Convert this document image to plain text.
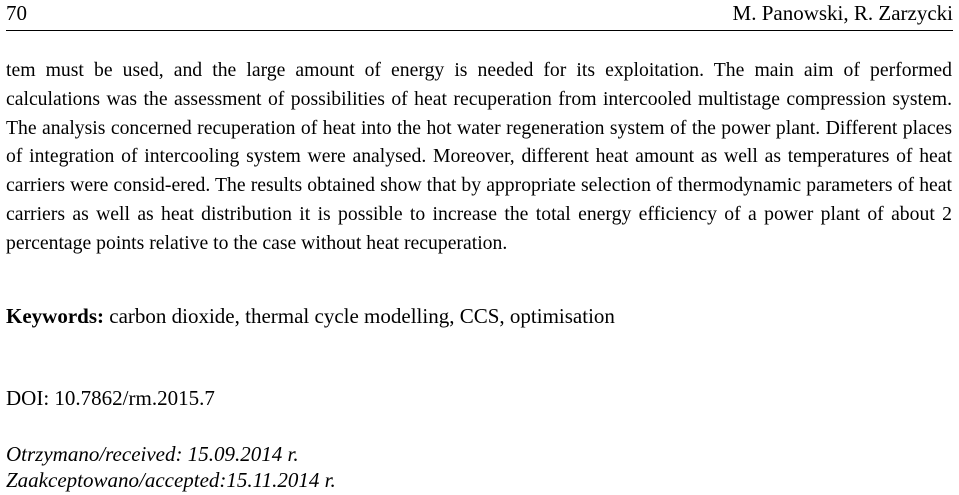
70	M. Panowski, R. Zarzycki

tem must be used, and the large amount of energy is needed for its exploitation. The main aim of performed calculations was the assessment of possibilities of heat recuperation from intercooled multistage compression system. The analysis concerned recuperation of heat into the hot water regeneration system of the power plant. Different places of integration of intercooling system were analysed. Moreover, different heat amount as well as temperatures of heat carriers were consid-ered. The results obtained show that by appropriate selection of thermodynamic parameters of heat carriers as well as heat distribution it is possible to increase the total energy efficiency of a power plant of about 2 percentage points relative to the case without heat recuperation.

Keywords: carbon dioxide, thermal cycle modelling, CCS, optimisation
DOI: 10.7862/rm.2015.7
Otrzymano/received: 15.09.2014 r.
Zaakceptowano/accepted:15.11.2014 r.
